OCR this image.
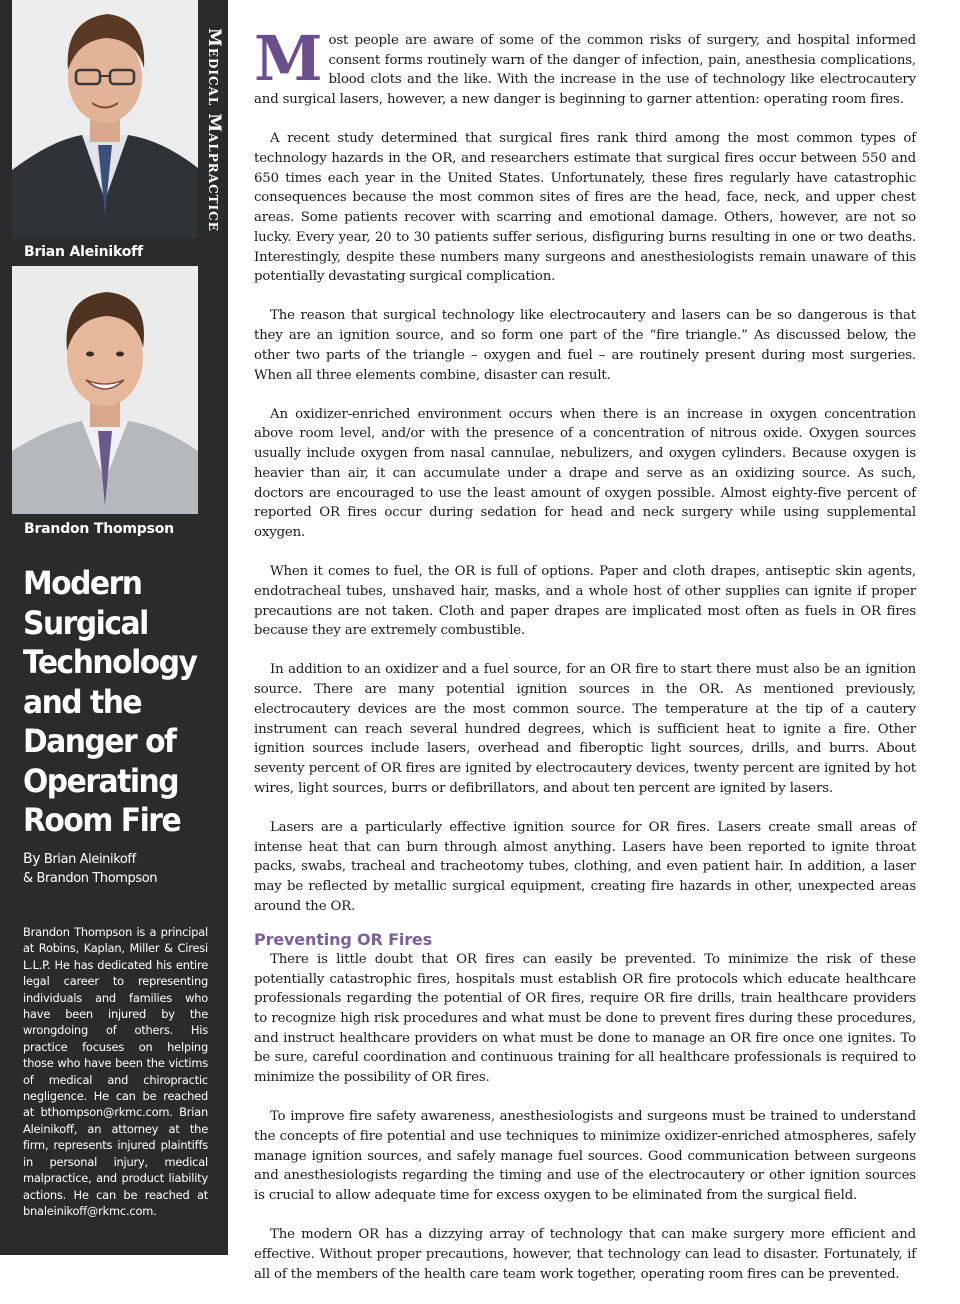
Brian Aleinikoff
Brandon Thompson
Medical Malpractice
Modern
Surgical
Technology
and the
Danger of
Operating
Room Fire
By Brian Aleinikoff
& Brandon Thompson

Brandon Thompson is a principal at Robins, Kaplan, Miller & Ciresi L.L.P. He has dedicated his entire legal career to representing individuals and families who have been injured by the wrongdoing of others. His practice focuses on helping those who have been the victims of medical and chiropractic negligence. He can be reached at bthompson@rkmc.com. Brian Aleinikoff, an attorney at the firm, represents injured plaintiffs in personal injury, medical malpractice, and product liability actions. He can be reached at bnaleinikoff@rkmc.com.

Most people are aware of some of the common risks of surgery, and hospital informed consent forms routinely warn of the danger of infection, pain, anesthesia complications, blood clots and the like. With the increase in the use of technology like electrocautery and surgical lasers, however, a new danger is beginning to garner attention: operating room fires.

A recent study determined that surgical fires rank third among the most common types of technology hazards in the OR, and researchers estimate that surgical fires occur between 550 and 650 times each year in the United States. Unfortunately, these fires regularly have catastrophic consequences because the most common sites of fires are the head, face, neck, and upper chest areas. Some patients recover with scarring and emotional damage. Others, however, are not so lucky. Every year, 20 to 30 patients suffer serious, disfiguring burns resulting in one or two deaths. Interestingly, despite these numbers many surgeons and anesthesiologists remain unaware of this potentially devastating surgical complication.

The reason that surgical technology like electrocautery and lasers can be so dangerous is that they are an ignition source, and so form one part of the “fire triangle.” As discussed below, the other two parts of the triangle – oxygen and fuel – are routinely present during most surgeries. When all three elements combine, disaster can result.

An oxidizer-enriched environment occurs when there is an increase in oxygen concentration above room level, and/or with the presence of a concentration of nitrous oxide. Oxygen sources usually include oxygen from nasal cannulae, nebulizers, and oxygen cylinders. Because oxygen is heavier than air, it can accumulate under a drape and serve as an oxidizing source. As such, doctors are encouraged to use the least amount of oxygen possible. Almost eighty-five percent of reported OR fires occur during sedation for head and neck surgery while using supplemental oxygen.

When it comes to fuel, the OR is full of options. Paper and cloth drapes, antiseptic skin agents, endotracheal tubes, unshaved hair, masks, and a whole host of other supplies can ignite if proper precautions are not taken. Cloth and paper drapes are implicated most often as fuels in OR fires because they are extremely combustible.

In addition to an oxidizer and a fuel source, for an OR fire to start there must also be an ignition source. There are many potential ignition sources in the OR. As mentioned previously, electrocautery devices are the most common source. The temperature at the tip of a cautery instrument can reach several hundred degrees, which is sufficient heat to ignite a fire. Other ignition sources include lasers, overhead and fiberoptic light sources, drills, and burrs. About seventy percent of OR fires are ignited by electrocautery devices, twenty percent are ignited by hot wires, light sources, burrs or defibrillators, and about ten percent are ignited by lasers.

Lasers are a particularly effective ignition source for OR fires. Lasers create small areas of intense heat that can burn through almost anything. Lasers have been reported to ignite throat packs, swabs, tracheal and tracheotomy tubes, clothing, and even patient hair. In addition, a laser may be reflected by metallic surgical equipment, creating fire hazards in other, unexpected areas around the OR.

Preventing OR Fires

There is little doubt that OR fires can easily be prevented. To minimize the risk of these potentially catastrophic fires, hospitals must establish OR fire protocols which educate healthcare professionals regarding the potential of OR fires, require OR fire drills, train healthcare providers to recognize high risk procedures and what must be done to prevent fires during these procedures, and instruct healthcare providers on what must be done to manage an OR fire once one ignites. To be sure, careful coordination and continuous training for all healthcare professionals is required to minimize the possibility of OR fires.

To improve fire safety awareness, anesthesiologists and surgeons must be trained to understand the concepts of fire potential and use techniques to minimize oxidizer-enriched atmospheres, safely manage ignition sources, and safely manage fuel sources. Good communication between surgeons and anesthesiologists regarding the timing and use of the electrocautery or other ignition sources is crucial to allow adequate time for excess oxygen to be eliminated from the surgical field.

The modern OR has a dizzying array of technology that can make surgery more efficient and effective. Without proper precautions, however, that technology can lead to disaster. Fortunately, if all of the members of the health care team work together, operating room fires can be prevented.
